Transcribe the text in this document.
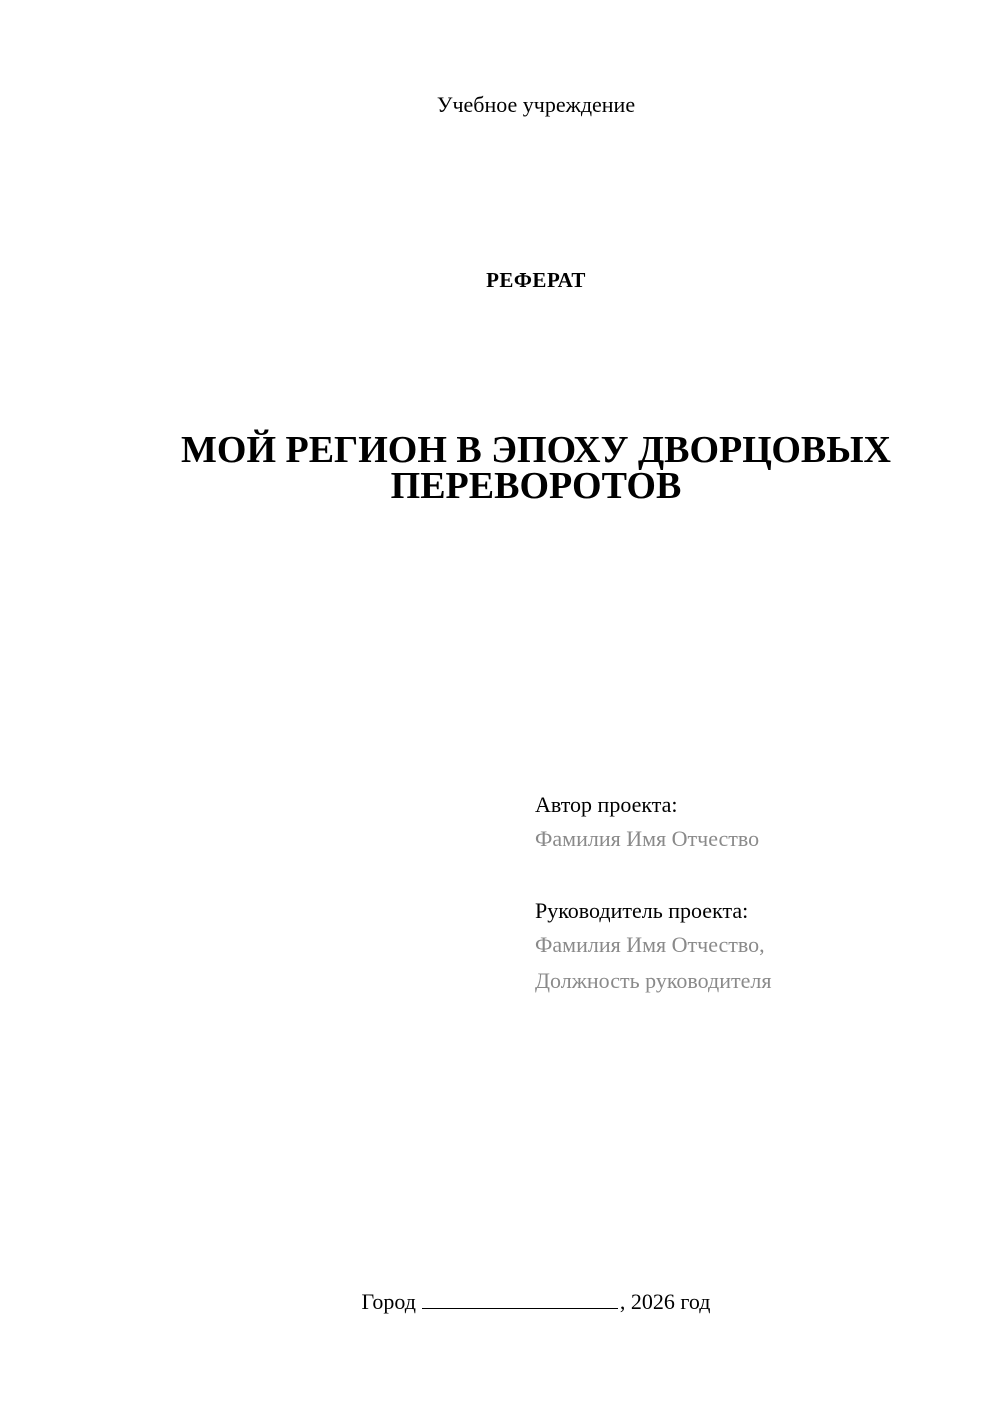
Учебное учреждение
РЕФЕРАТ
МОЙ РЕГИОН В ЭПОХУ ДВОРЦОВЫХ
ПЕРЕВОРОТОВ
Автор проекта:
Фамилия Имя Отчество
Руководитель проекта:
Фамилия Имя Отчество,
Должность руководителя
Город	, 2026 год
